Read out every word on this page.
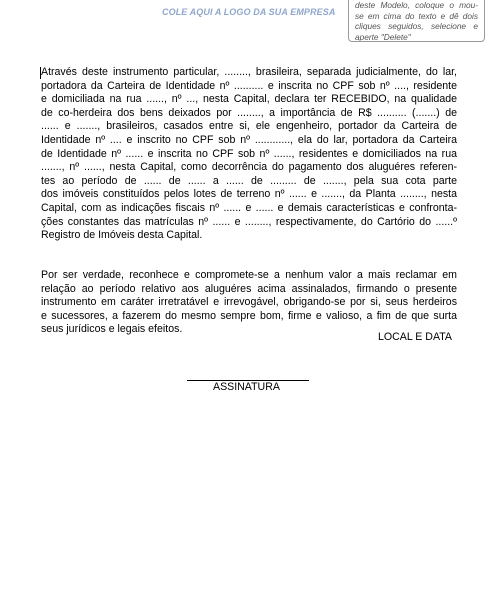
COLE AQUI A LOGO DA SUA EMPRESA
deste Modelo, coloque o mou-
se em cima do texto e dê dois
cliques seguidos, selecione e
aperte "Delete"
Através deste instrumento particular, ........, brasileira, separada judicialmente, do lar,
portadora da Carteira de Identidade nº .......... e inscrita no CPF sob nº ...., residente
e domiciliada na rua ......, nº ..., nesta Capital, declara ter RECEBIDO, na qualidade
de co-herdeira dos bens deixados por ........, a importância de R$ .......... (.......) de
...... e ......., brasileiros, casados entre si, ele engenheiro, portador da Carteira de
Identidade nº .... e inscrito no CPF sob nº ............, ela do lar, portadora da Carteira
de Identidade nº ...... e inscrita no CPF sob nº ......, residentes e domiciliados na rua
......., nº ......, nesta Capital, como decorrência do pagamento dos aluguéres referen-
tes ao período de ...... de ...... a ...... de ......... de ......., pela sua cota parte
dos imóveis constituídos pelos lotes de terreno nº ...... e ......., da Planta ........, nesta
Capital, com as indicações fiscais nº ...... e ...... e demais características e confronta-
ções constantes das matrículas nº ...... e ........, respectivamente, do Cartório do ......º
Registro de Imóveis desta Capital.
Por ser verdade, reconhece e compromete-se a nenhum valor a mais reclamar em
relação ao período relativo aos aluguéres acima assinalados, firmando o presente
instrumento em caráter irretratável e irrevogável, obrigando-se por si, seus herdeiros
e sucessores, a fazerem do mesmo sempre bom, firme e valioso, a fim de que surta
seus jurídicos e legais efeitos.
LOCAL E DATA
ASSINATURA
